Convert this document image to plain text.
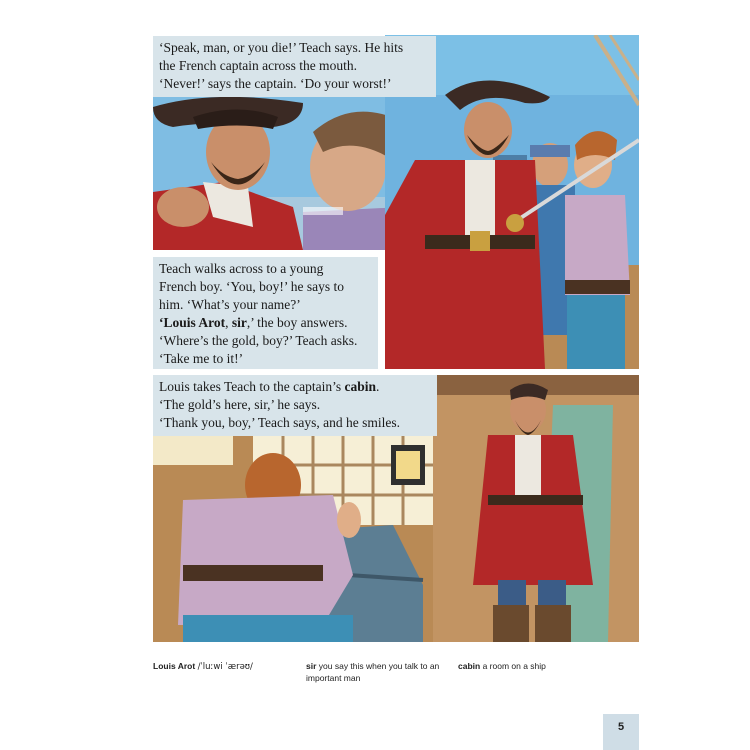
‘Speak, man, or you die!’ Teach says. He hits

the French captain across the mouth.

‘Never!’ says the captain. ‘Do your worst!’

Teach walks across to a young

French boy. ‘You, boy!’ he says to

him. ‘What’s your name?’

‘Louis Arot, sir,’ the boy answers.

‘Where’s the gold, boy?’ Teach asks.

‘Take me to it!’

Louis takes Teach to the captain’s cabin.

‘The gold’s here, sir,’ he says.

‘Thank you, boy,’ Teach says, and he smiles.

Louis Arot /ˈluːwi ˈærəʊ/	sir you say this when you talk to an
important man
cabin a room on a ship
5
